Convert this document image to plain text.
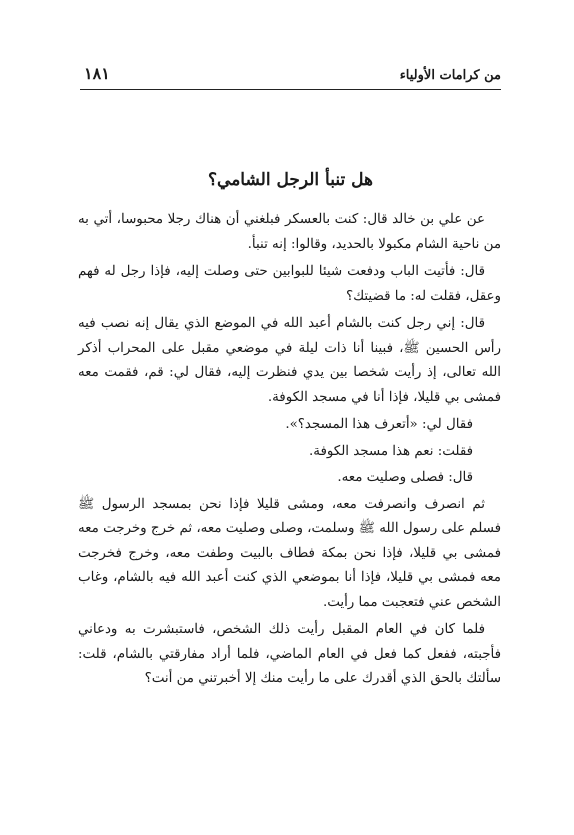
من كرامات الأولياء
١٨١
هل تنبأ الرجل الشامي؟

عن علي بن خالد قال: كنت بالعسكر فبلغني أن هناك رجلا محبوسا، أتي به من ناحية الشام مكبولا بالحديد، وقالوا: إنه تنبأ.

قال: فأتيت الباب ودفعت شيئا للبوابين حتى وصلت إليه، فإذا رجل له فهم وعقل، فقلت له: ما قضيتك؟

قال: إني رجل كنت بالشام أعبد الله في الموضع الذي يقال إنه نصب فيه رأس الحسين ﷺ، فبينا أنا ذات ليلة في موضعي مقبل على المحراب أذكر الله تعالى، إذ رأيت شخصا بين يدي فنظرت إليه، فقال لي: قم، فقمت معه فمشى بي قليلا، فإذا أنا في مسجد الكوفة.

فقال لي: «أتعرف هذا المسجد؟».

فقلت: نعم هذا مسجد الكوفة.

قال: فصلى وصليت معه.

ثم انصرف وانصرفت معه، ومشى قليلا فإذا نحن بمسجد الرسول ﷺ فسلم على رسول الله ﷺ وسلمت، وصلى وصليت معه، ثم خرج وخرجت معه فمشى بي قليلا، فإذا نحن بمكة فطاف بالبيت وطفت معه، وخرج فخرجت معه فمشى بي قليلا، فإذا أنا بموضعي الذي كنت أعبد الله فيه بالشام، وغاب الشخص عني فتعجبت مما رأيت.

فلما كان في العام المقبل رأيت ذلك الشخص، فاستبشرت به ودعاني فأجبته، ففعل كما فعل في العام الماضي، فلما أراد مفارقتي بالشام، قلت: سألتك بالحق الذي أقدرك على ما رأيت منك إلا أخبرتني من أنت؟
